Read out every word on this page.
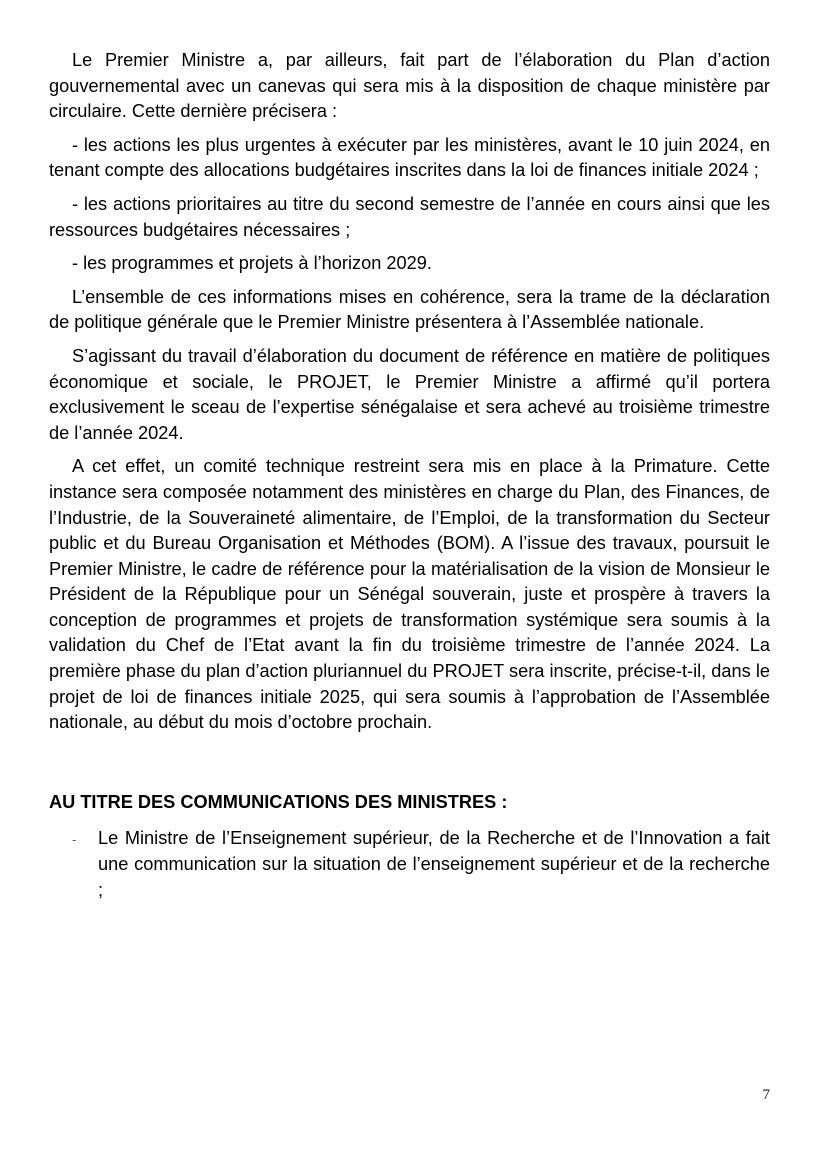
Le Premier Ministre a, par ailleurs, fait part de l’élaboration du Plan d’action gouvernemental avec un canevas qui sera mis à la disposition de chaque ministère par circulaire. Cette dernière précisera :

- les actions les plus urgentes à exécuter par les ministères, avant le 10 juin 2024, en tenant compte des allocations budgétaires inscrites dans la loi de finances initiale 2024 ;

- les actions prioritaires au titre du second semestre de l’année en cours ainsi que les ressources budgétaires nécessaires ;

- les programmes et projets à l’horizon 2029.

L’ensemble de ces informations mises en cohérence, sera la trame de la déclaration de politique générale que le Premier Ministre présentera à l’Assemblée nationale.

S’agissant du travail d’élaboration du document de référence en matière de politiques économique et sociale, le PROJET, le Premier Ministre a affirmé qu’il portera exclusivement le sceau de l’expertise sénégalaise et sera achevé au troisième trimestre de l’année 2024.

A cet effet, un comité technique restreint sera mis en place à la Primature. Cette instance sera composée notamment des ministères en charge du Plan, des Finances, de l’Industrie, de la Souveraineté alimentaire, de l’Emploi, de la transformation du Secteur public et du Bureau Organisation et Méthodes (BOM). A l’issue des travaux, poursuit le Premier Ministre, le cadre de référence pour la matérialisation de la vision de Monsieur le Président de la République pour un Sénégal souverain, juste et prospère à travers la conception de programmes et projets de transformation systémique sera soumis à la validation du Chef de l’Etat avant la fin du troisième trimestre de l’année 2024. La première phase du plan d’action pluriannuel du PROJET sera inscrite, précise-t-il, dans le projet de loi de finances initiale 2025, qui sera soumis à l’approbation de l’Assemblée nationale, au début du mois d’octobre prochain.

AU TITRE DES COMMUNICATIONS DES MINISTRES :
- Le Ministre de l’Enseignement supérieur, de la Recherche et de l’Innovation a fait une communication sur la situation de l’enseignement supérieur et de la recherche ;
7
